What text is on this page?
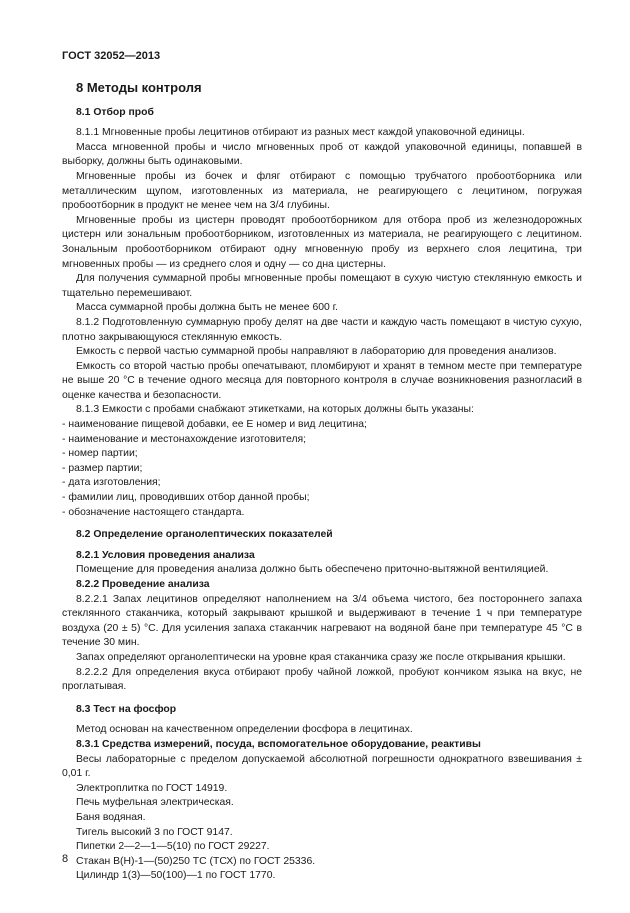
ГОСТ 32052—2013

8 Методы контроля

8.1 Отбор проб

8.1.1 Мгновенные пробы лецитинов отбирают из разных мест каждой упаковочной единицы.

Масса мгновенной пробы и число мгновенных проб от каждой упаковочной единицы, попавшей в выборку, должны быть одинаковыми.

Мгновенные пробы из бочек и фляг отбирают с помощью трубчатого пробоотборника или металлическим щупом, изготовленных из материала, не реагирующего с лецитином, погружая пробоотборник в продукт не менее чем на 3/4 глубины.

Мгновенные пробы из цистерн проводят пробоотборником для отбора проб из железнодорожных цистерн или зональным пробоотборником, изготовленных из материала, не реагирующего с лецитином. Зональным пробоотборником отбирают одну мгновенную пробу из верхнего слоя лецитина, три мгновенных пробы — из среднего слоя и одну — со дна цистерны.

Для получения суммарной пробы мгновенные пробы помещают в сухую чистую стеклянную емкость и тщательно перемешивают.

Масса суммарной пробы должна быть не менее 600 г.

8.1.2 Подготовленную суммарную пробу делят на две части и каждую часть помещают в чистую сухую, плотно закрывающуюся стеклянную емкость.

Емкость с первой частью суммарной пробы направляют в лабораторию для проведения анализов.

Емкость со второй частью пробы опечатывают, пломбируют и хранят в темном месте при температуре не выше 20 °С в течение одного месяца для повторного контроля в случае возникновения разногласий в оценке качества и безопасности.

8.1.3 Емкости с пробами снабжают этикетками, на которых должны быть указаны:

- наименование пищевой добавки, ее Е номер и вид лецитина;

- наименование и местонахождение изготовителя;

- номер партии;

- размер партии;

- дата изготовления;

- фамилии лиц, проводивших отбор данной пробы;

- обозначение настоящего стандарта.

8.2 Определение органолептических показателей

8.2.1 Условия проведения анализа

Помещение для проведения анализа должно быть обеспечено приточно-вытяжной вентиляцией.

8.2.2 Проведение анализа

8.2.2.1 Запах лецитинов определяют наполнением на 3/4 объема чистого, без постороннего запаха стеклянного стаканчика, который закрывают крышкой и выдерживают в течение 1 ч при температуре воздуха (20 ± 5) °С. Для усиления запаха стаканчик нагревают на водяной бане при температуре 45 °С в течение 30 мин.

Запах определяют органолептически на уровне края стаканчика сразу же после открывания крышки.

8.2.2.2 Для определения вкуса отбирают пробу чайной ложкой, пробуют кончиком языка на вкус, не проглатывая.

8.3 Тест на фосфор

Метод основан на качественном определении фосфора в лецитинах.

8.3.1 Средства измерений, посуда, вспомогательное оборудование, реактивы

Весы лабораторные с пределом допускаемой абсолютной погрешности однократного взвешивания ± 0,01 г.

Электроплитка по ГОСТ 14919.

Печь муфельная электрическая.

Баня водяная.

Тигель высокий 3 по ГОСТ 9147.

Пипетки 2—2—1—5(10) по ГОСТ 29227.

Стакан В(Н)-1—(50)250 ТС (ТСХ) по ГОСТ 25336.

Цилиндр 1(3)—50(100)—1 по ГОСТ 1770.

8
